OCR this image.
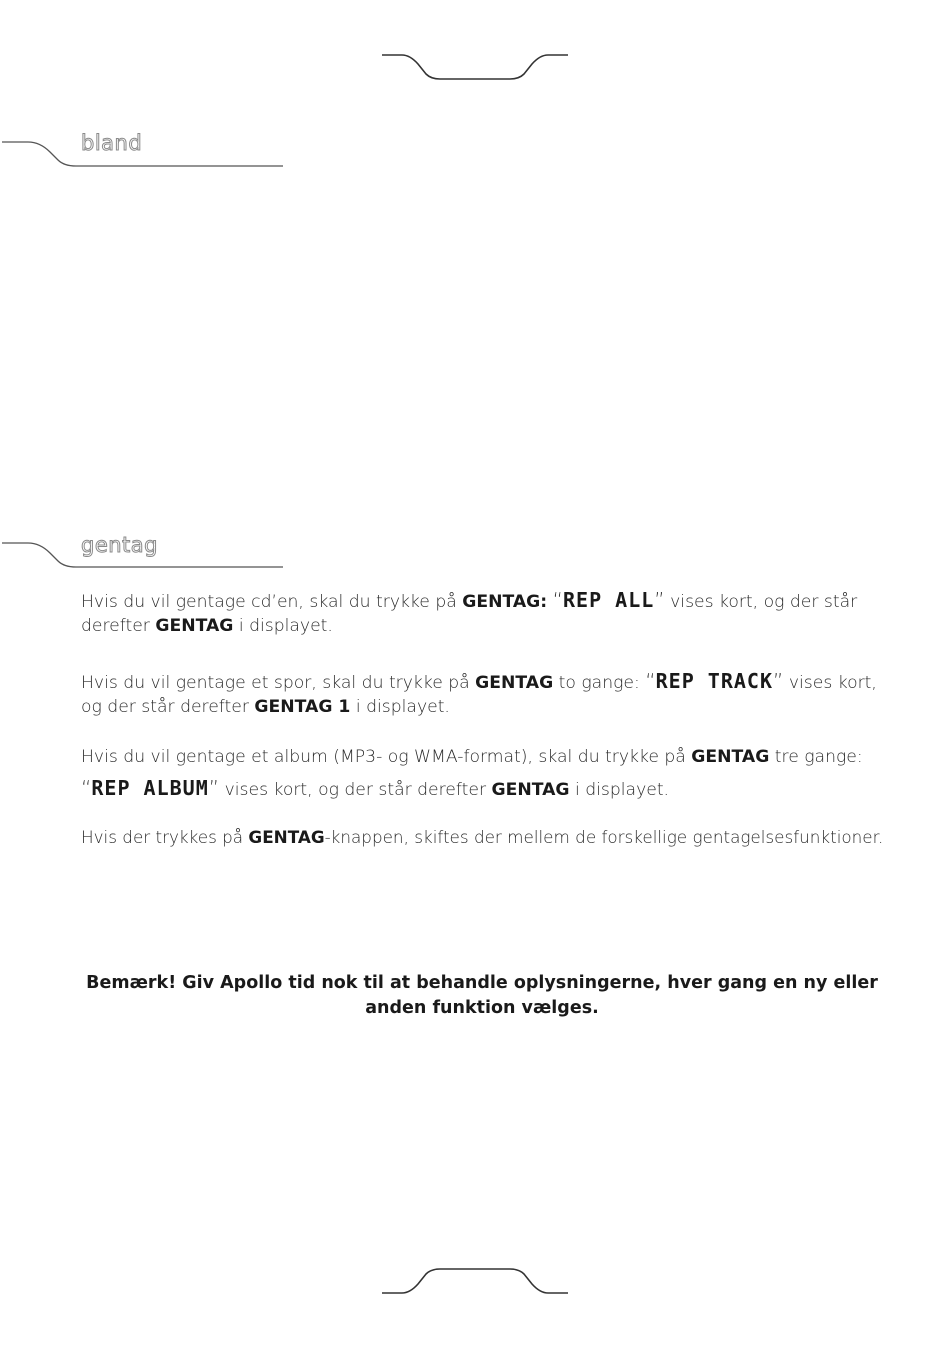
bland
gentag
Hvis du vil gentage cd’en, skal du trykke på GENTAG: “REP ALL” vises kort, og der står derefter GENTAG i displayet.
Hvis du vil gentage et spor, skal du trykke på GENTAG to gange: “REP TRACK” vises kort, og der står derefter GENTAG 1 i displayet.
Hvis du vil gentage et album (MP3- og WMA-format), skal du trykke på GENTAG tre gange:
“REP ALBUM” vises kort, og der står derefter GENTAG i displayet.
Hvis der trykkes på GENTAG-knappen, skiftes der mellem de forskellige gentagelsesfunktioner.
Bemærk! Giv Apollo tid nok til at behandle oplysningerne, hver gang en ny eller anden funktion vælges.
